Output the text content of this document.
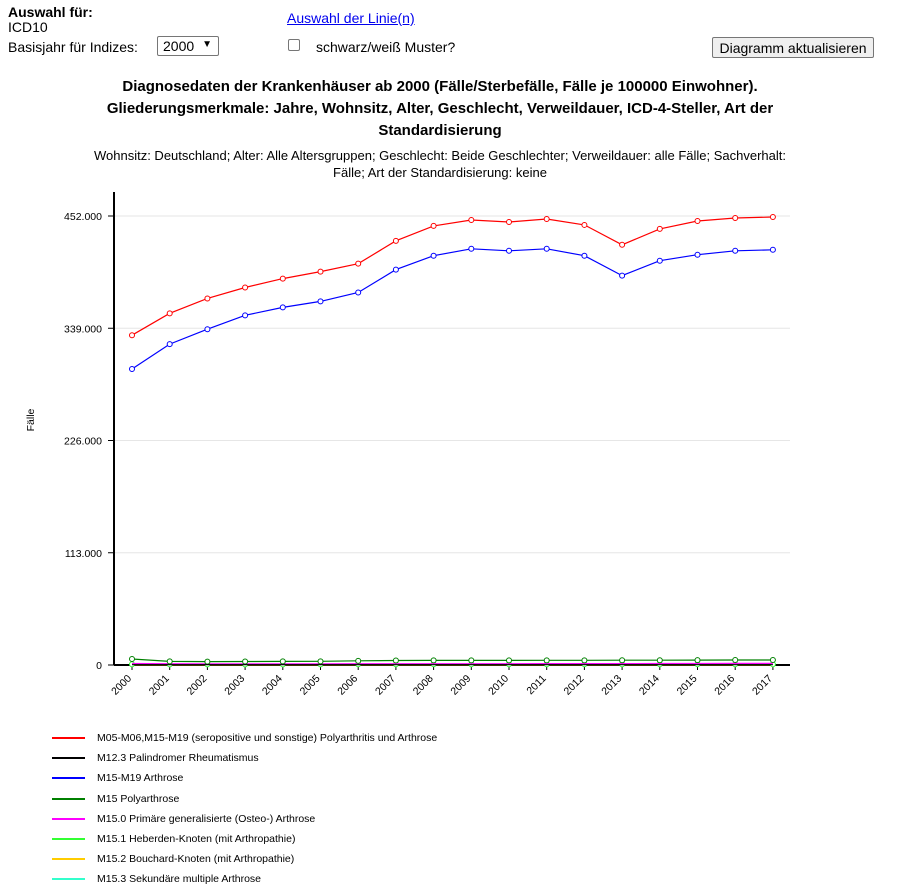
Auswahl für:
ICD10
Basisjahr für Indizes:	2000 ▼
Auswahl der Linie(n)
schwarz/weiß Muster?	Diagramm aktualisieren
Diagnosedaten der Krankenhäuser ab 2000 (Fälle/Sterbefälle, Fälle je 100000 Einwohner).
Gliederungsmerkmale: Jahre, Wohnsitz, Alter, Geschlecht, Verweildauer, ICD-4-Steller, Art der
Standardisierung
Wohnsitz: Deutschland; Alter: Alle Altersgruppen; Geschlecht: Beide Geschlechter; Verweildauer: alle Fälle; Sachverhalt:
Fälle; Art der Standardisierung: keine
0
113.000
226.000
339.000
452.000
Fälle
2000 2001 2002 2003 2004 2005 2006 2007 2008 2009 2010 2011 2012 2013 2014 2015 2016 2017
M05-M06,M15-M19 (seropositive und sonstige) Polyarthritis und Arthrose
M12.3 Palindromer Rheumatismus
M15-M19 Arthrose
M15 Polyarthrose
M15.0 Primäre generalisierte (Osteo-) Arthrose
M15.1 Heberden-Knoten (mit Arthropathie)
M15.2 Bouchard-Knoten (mit Arthropathie)
M15.3 Sekundäre multiple Arthrose
